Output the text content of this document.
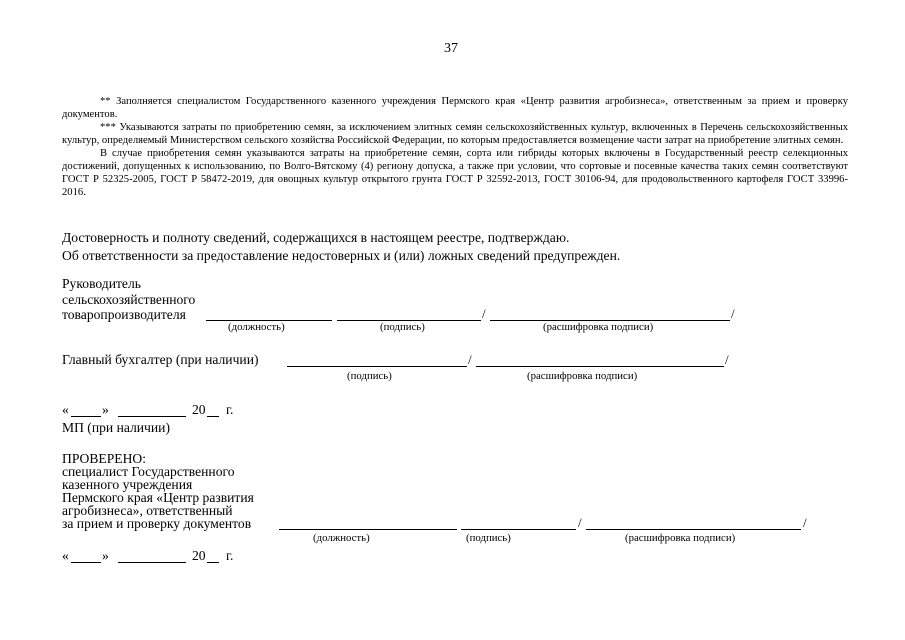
37

** Заполняется специалистом Государственного казенного учреждения Пермского края «Центр развития агробизнеса», ответственным за прием и проверку документов.

*** Указываются затраты по приобретению семян, за исключением элитных семян сельскохозяйственных культур, включенных в Перечень сельскохозяйственных культур, определяемый Министерством сельского хозяйства Российской Федерации, по которым предоставляется возмещение части затрат на приобретение элитных семян.

В случае приобретения семян указываются затраты на приобретение семян, сорта или гибриды которых включены в Государственный реестр селекционных достижений, допущенных к использованию, по Волго-Вятскому (4) региону допуска, а также при условии, что сортовые и посевные качества таких семян соответствуют ГОСТ Р 52325-2005, ГОСТ Р 58472-2019, для овощных культур открытого грунта ГОСТ Р 32592-2013, ГОСТ 30106-94, для продовольственного картофеля ГОСТ 33996-2016.

Достоверность и полноту сведений, содержащихся в настоящем реестре, подтверждаю.
Об ответственности за предоставление недостоверных и (или) ложных сведений предупрежден.
Руководитель
сельскохозяйственного
товаропроизводителя	/	/
(должность)	(подпись)	(расшифровка подписи)
Главный бухгалтер (при наличии)	/	/
(подпись)	(расшифровка подписи)
« »	20 г.
МП (при наличии)
ПРОВЕРЕНО:
специалист Государственного
казенного учреждения
Пермского края «Центр развития
агробизнеса», ответственный
за прием и проверку документов	/	/
(должность)	(подпись)	(расшифровка подписи)
« »	20 г.
